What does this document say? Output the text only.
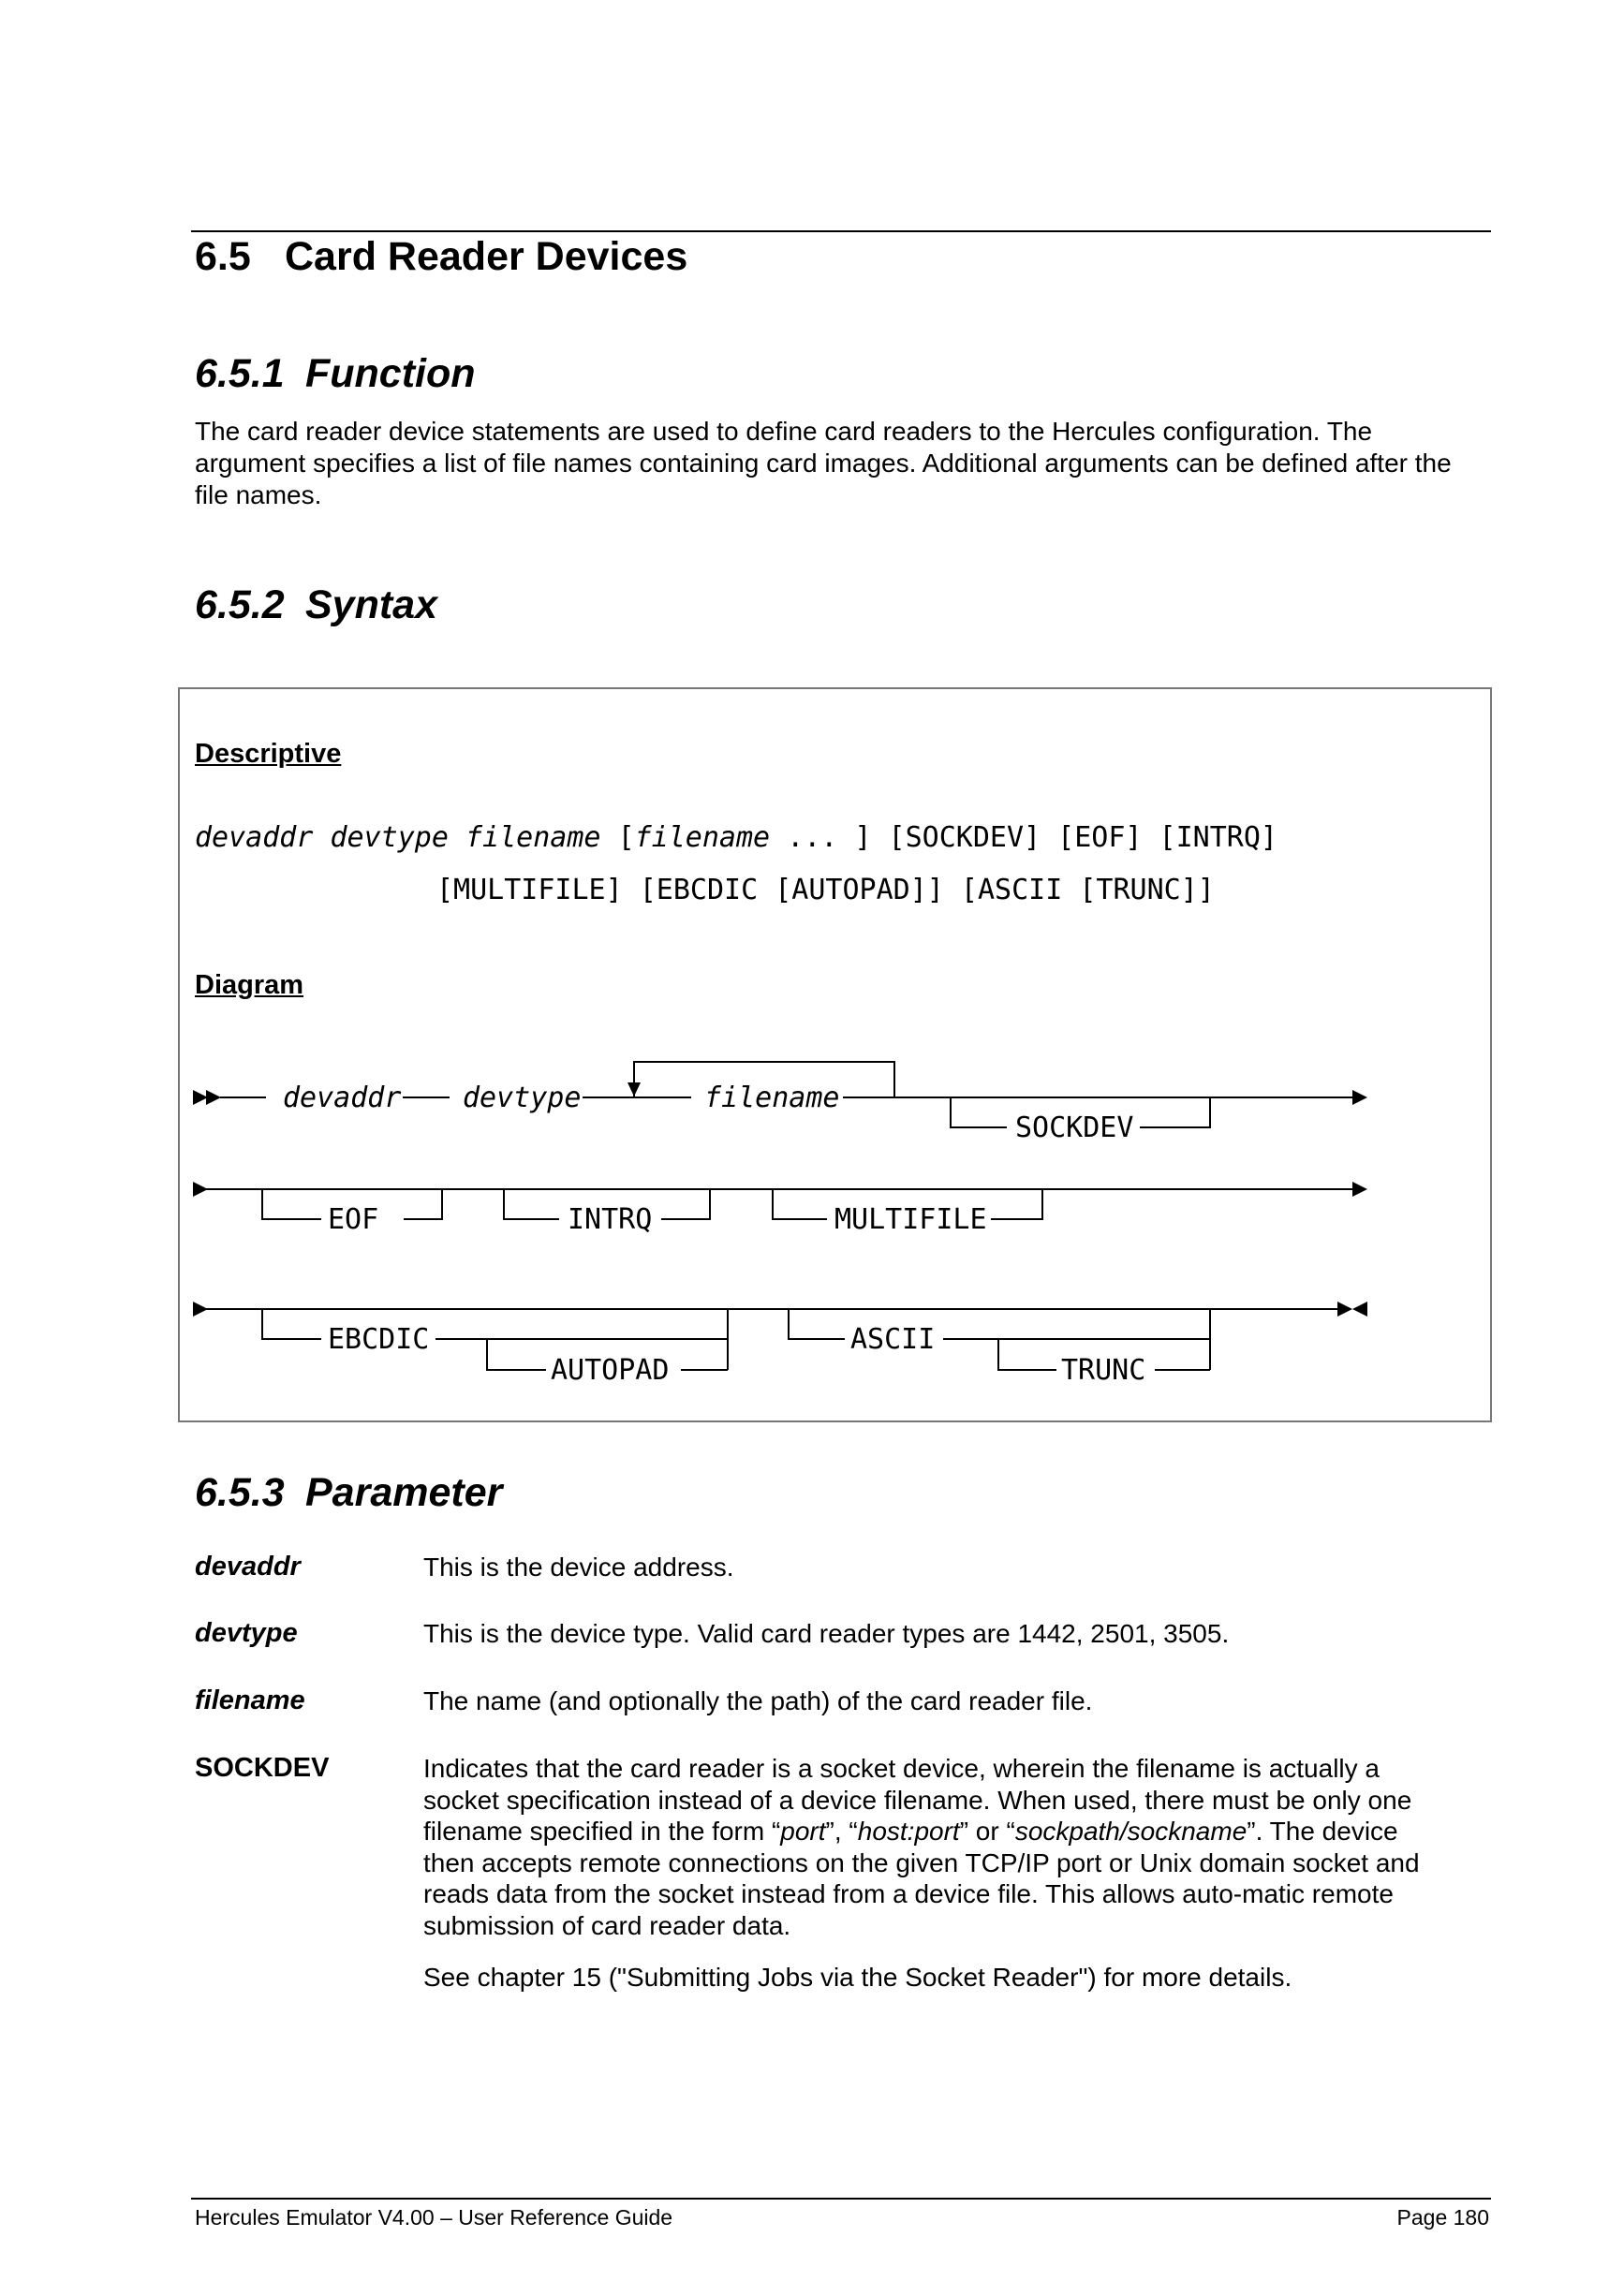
6.5 Card Reader Devices
6.5.1 Function

The card reader device statements are used to define card readers to the Hercules configuration. The argument specifies a list of file names containing card images. Additional arguments can be defined after the file names.

6.5.2 Syntax
Descriptive
devaddr devtype filename [filename ... ] [SOCKDEV] [EOF] [INTRQ]
[MULTIFILE] [EBCDIC [AUTOPAD]] [ASCII [TRUNC]]
Diagram
devaddr devtype	filename
SOCKDEV
EOF	INTRQ	MULTIFILE
EBCDIC
AUTOPAD
ASCII
TRUNC
6.5.3 Parameter
devaddr	This is the device address.

devtype	This is the device type. Valid card reader types are 1442, 2501, 3505.

filename	The name (and optionally the path) of the card reader file.

SOCKDEV	Indicates that the card reader is a socket device, wherein the filename is actually a socket specification instead of a device filename. When used, there must be only one filename specified in the form “port”, “host:port” or “sockpath/sockname”. The device then accepts remote connections on the given TCP/IP port or Unix domain socket and reads data from the socket instead from a device file. This allows auto-matic remote submission of card reader data.

See chapter 15 ("Submitting Jobs via the Socket Reader") for more details.

Hercules Emulator V4.00 – User Reference Guide	Page 180
